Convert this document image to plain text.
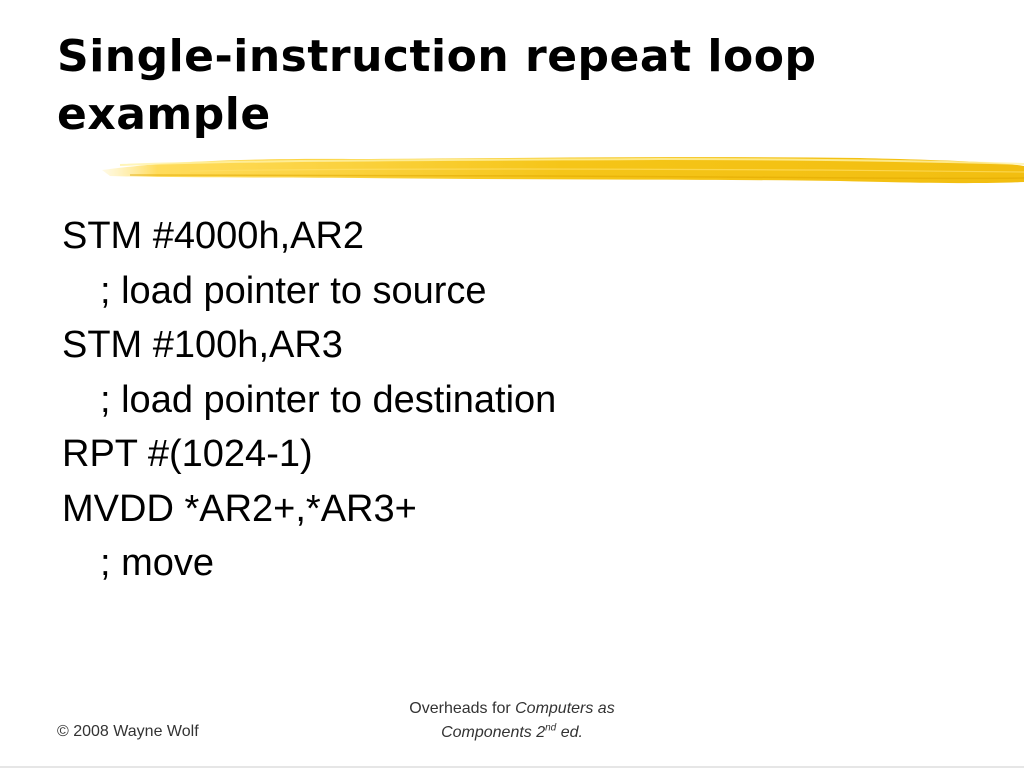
Single-instruction repeat loop example
STM #4000h,AR2
; load pointer to source
STM #100h,AR3
; load pointer to destination
RPT #(1024-1)
MVDD *AR2+,*AR3+
; move
© 2008 Wayne Wolf
Overheads for Computers as
Components 2nd ed.
